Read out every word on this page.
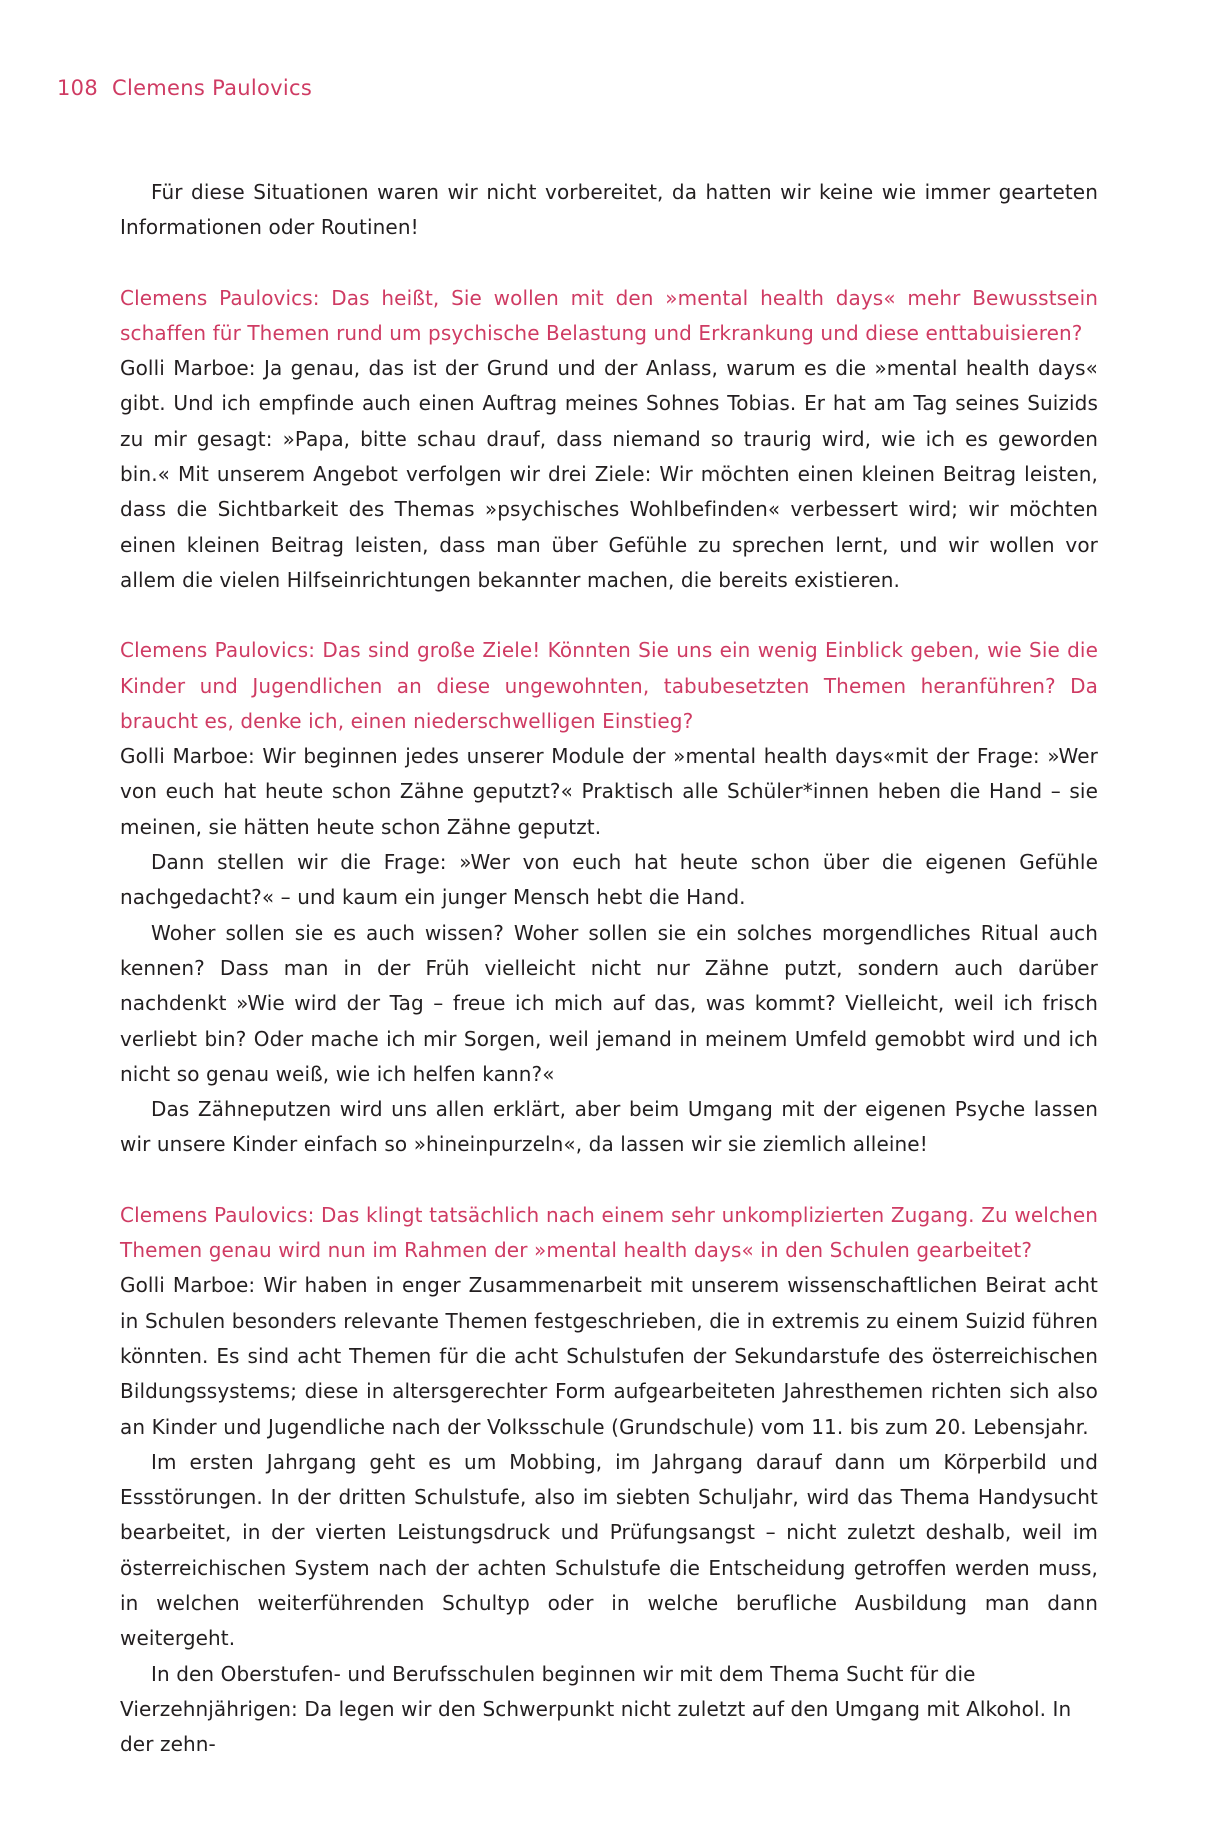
108 Clemens Paulovics

Für diese Situationen waren wir nicht vorbereitet, da hatten wir keine wie immer gearteten Informationen oder Routinen!

Clemens Paulovics: Das heißt, Sie wollen mit den »mental health days« mehr Bewusstsein schaffen für Themen rund um psychische Belastung und Erkrankung und diese enttabuisieren?

Golli Marboe: Ja genau, das ist der Grund und der Anlass, warum es die »mental health days« gibt. Und ich empfinde auch einen Auftrag meines Sohnes Tobias. Er hat am Tag seines Suizids zu mir gesagt: »Papa, bitte schau drauf, dass niemand so traurig wird, wie ich es geworden bin.« Mit unserem Angebot verfolgen wir drei Ziele: Wir möchten einen kleinen Beitrag leisten, dass die Sichtbarkeit des Themas »psychisches Wohlbefinden« verbessert wird; wir möchten einen kleinen Beitrag leisten, dass man über Gefühle zu sprechen lernt, und wir wollen vor allem die vielen Hilfseinrichtungen bekannter machen, die bereits existieren.

Clemens Paulovics: Das sind große Ziele! Könnten Sie uns ein wenig Einblick geben, wie Sie die Kinder und Jugendlichen an diese ungewohnten, tabubesetzten Themen heranführen? Da braucht es, denke ich, einen niederschwelligen Einstieg?

Golli Marboe: Wir beginnen jedes unserer Module der »mental health days«mit der Frage: »Wer von euch hat heute schon Zähne geputzt?« Praktisch alle Schüler*innen heben die Hand – sie meinen, sie hätten heute schon Zähne geputzt.

Dann stellen wir die Frage: »Wer von euch hat heute schon über die eigenen Gefühle nachgedacht?« – und kaum ein junger Mensch hebt die Hand.

Woher sollen sie es auch wissen? Woher sollen sie ein solches morgendliches Ritual auch kennen? Dass man in der Früh vielleicht nicht nur Zähne putzt, sondern auch darüber nachdenkt »Wie wird der Tag – freue ich mich auf das, was kommt? Vielleicht, weil ich frisch verliebt bin? Oder mache ich mir Sorgen, weil jemand in meinem Umfeld gemobbt wird und ich nicht so genau weiß, wie ich helfen kann?«

Das Zähneputzen wird uns allen erklärt, aber beim Umgang mit der eigenen Psyche lassen wir unsere Kinder einfach so »hineinpurzeln«, da lassen wir sie ziemlich alleine!

Clemens Paulovics: Das klingt tatsächlich nach einem sehr unkomplizierten Zugang. Zu welchen Themen genau wird nun im Rahmen der »mental health days« in den Schulen gearbeitet?

Golli Marboe: Wir haben in enger Zusammenarbeit mit unserem wissenschaftlichen Beirat acht in Schulen besonders relevante Themen festgeschrieben, die in extremis zu einem Suizid führen könnten. Es sind acht Themen für die acht Schulstufen der Sekundarstufe des österreichischen Bildungssystems; diese in altersgerechter Form aufgearbeiteten Jahresthemen richten sich also an Kinder und Jugendliche nach der Volksschule (Grundschule) vom 11. bis zum 20. Lebensjahr.

Im ersten Jahrgang geht es um Mobbing, im Jahrgang darauf dann um Körperbild und Essstörungen. In der dritten Schulstufe, also im siebten Schuljahr, wird das Thema Handysucht bearbeitet, in der vierten Leistungsdruck und Prüfungsangst – nicht zuletzt deshalb, weil im österreichischen System nach der achten Schulstufe die Entscheidung getroffen werden muss, in welchen weiterführenden Schultyp oder in welche berufliche Ausbildung man dann weitergeht.

In den Oberstufen- und Berufsschulen beginnen wir mit dem Thema Sucht für die Vierzehnjährigen: Da legen wir den Schwerpunkt nicht zuletzt auf den Umgang mit Alkohol. In der zehn-
